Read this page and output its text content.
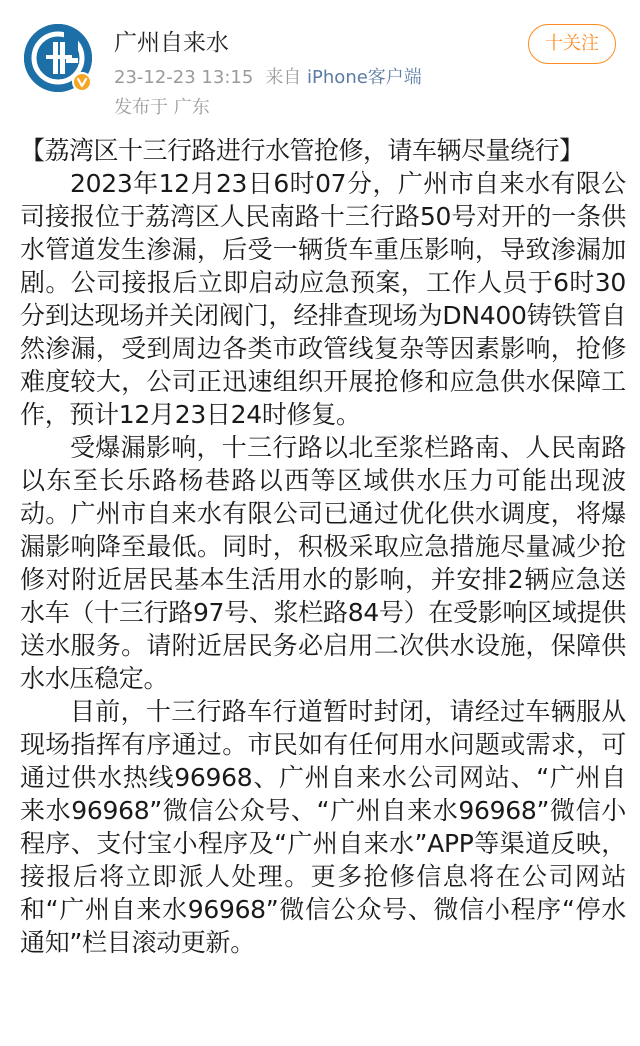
广州自来水
23-12-23 13:15 来自 iPhone客户端
发布于 广东
十关注

【荔湾区十三行路进行水管抢修，请车辆尽量绕行】

2023年12月23日6时07分，广州市自来水有限公司接报位于荔湾区人民南路十三行路50号对开的一条供水管道发生渗漏，后受一辆货车重压影响，导致渗漏加剧。公司接报后立即启动应急预案，工作人员于6时30分到达现场并关闭阀门，经排查现场为DN400铸铁管自然渗漏，受到周边各类市政管线复杂等因素影响，抢修难度较大，公司正迅速组织开展抢修和应急供水保障工作，预计12月23日24时修复。

受爆漏影响，十三行路以北至浆栏路南、人民南路以东至长乐路杨巷路以西等区域供水压力可能出现波动。广州市自来水有限公司已通过优化供水调度，将爆漏影响降至最低。同时，积极采取应急措施尽量减少抢修对附近居民基本生活用水的影响，并安排2辆应急送水车（十三行路97号、浆栏路84号）在受影响区域提供送水服务。请附近居民务必启用二次供水设施，保障供水水压稳定。

目前，十三行路车行道暂时封闭，请经过车辆服从现场指挥有序通过。市民如有任何用水问题或需求，可通过供水热线96968、广州自来水公司网站、“广州自来水96968”微信公众号、“广州自来水96968”微信小程序、支付宝小程序及“广州自来水”APP等渠道反映，接报后将立即派人处理。更多抢修信息将在公司网站和“广州自来水96968”微信公众号、微信小程序“停水通知”栏目滚动更新。
